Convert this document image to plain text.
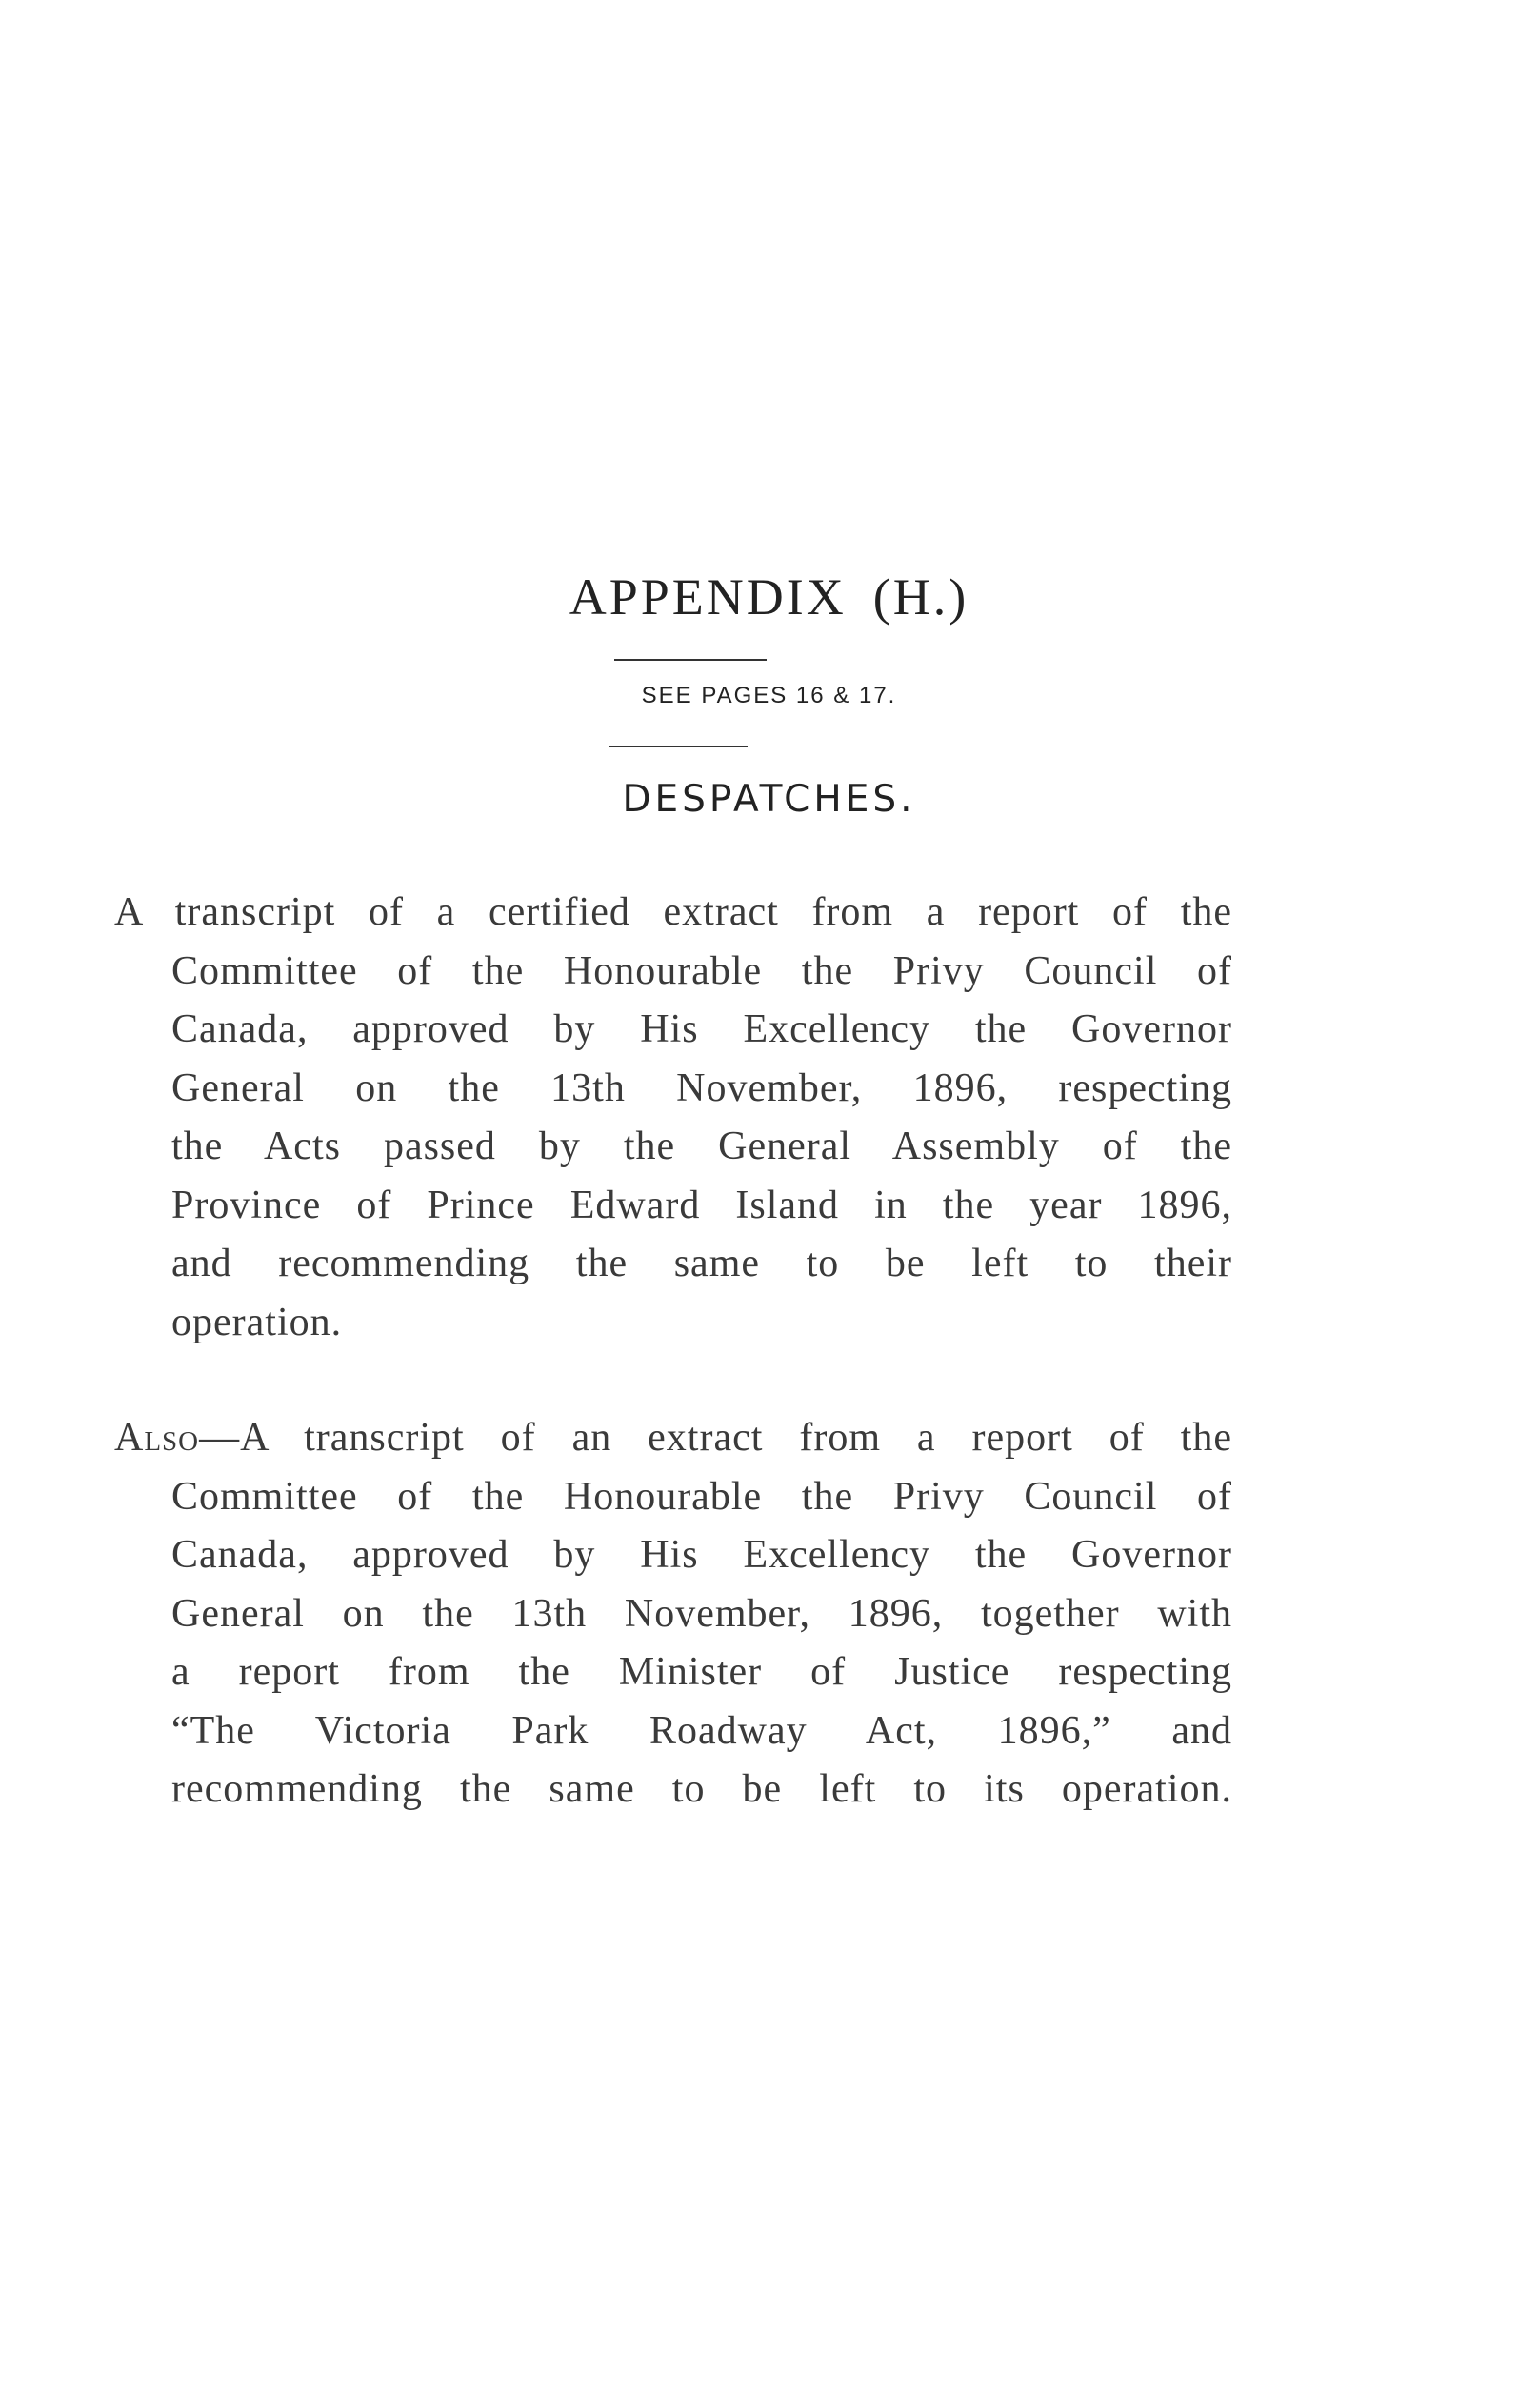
APPENDIX (H.)

SEE PAGES 16 & 17.

DESPATCHES.
A transcript of a certified extract from a report of the
Committee of the Honourable the Privy Council of
Canada, approved by His Excellency the Governor
General on the 13th November, 1896, respecting
the Acts passed by the General Assembly of the
Province of Prince Edward Island in the year 1896,
and recommending the same to be left to their
operation.
Also—A transcript of an extract from a report of the
Committee of the Honourable the Privy Council of
Canada, approved by His Excellency the Governor
General on the 13th November, 1896, together with
a report from the Minister of Justice respecting
“The Victoria Park Roadway Act, 1896,” and
recommending the same to be left to its operation.
